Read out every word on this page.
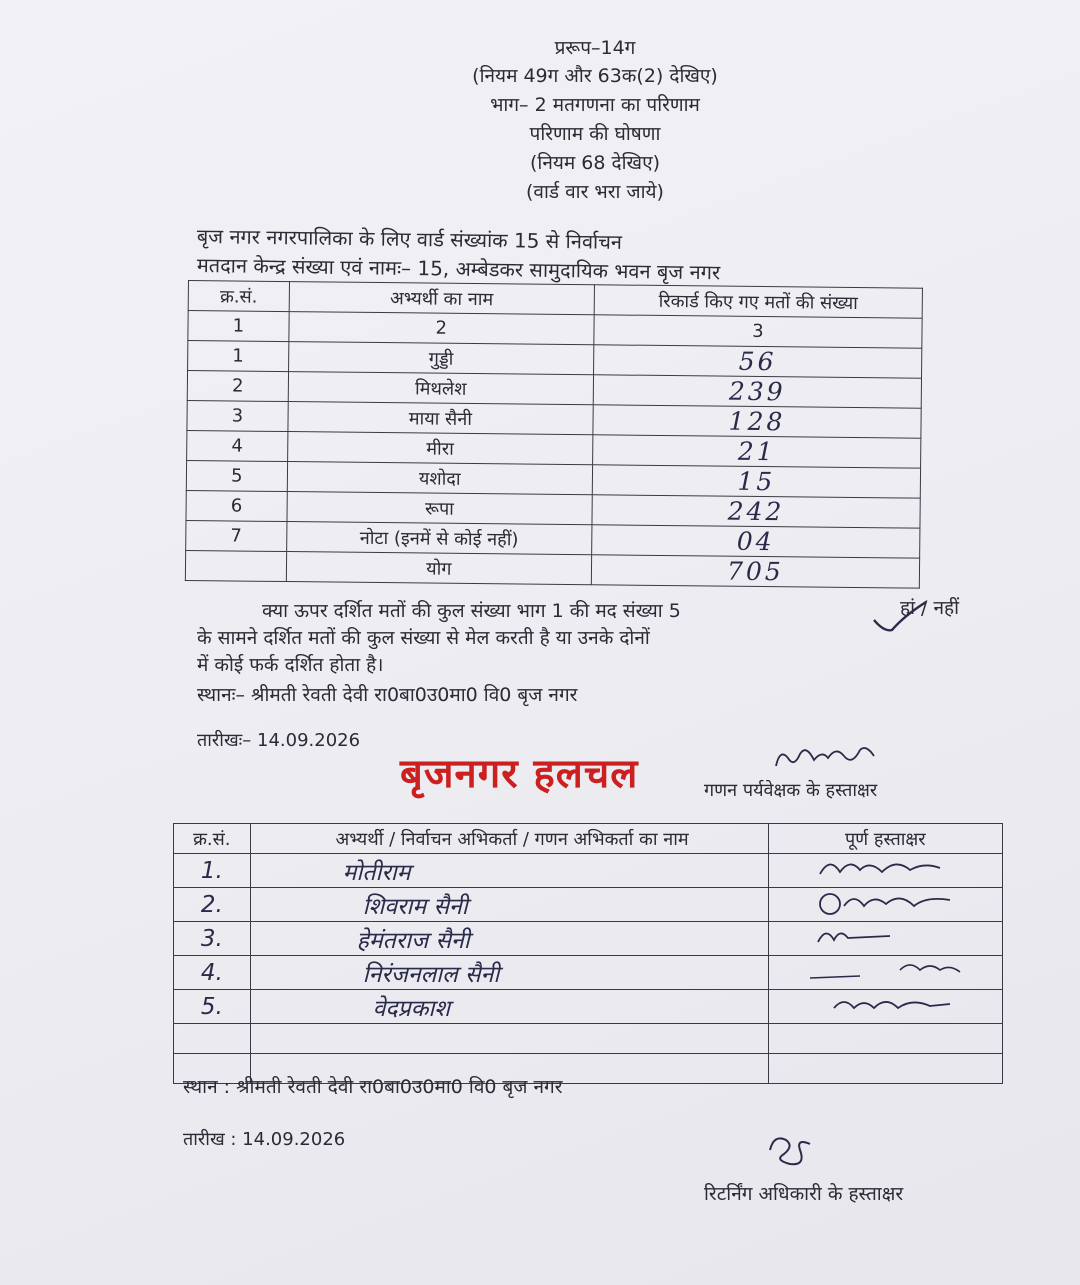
प्ररूप–14ग
(नियम 49ग और 63क(2) देखिए)
भाग– 2 मतगणना का परिणाम
परिणाम की घोषणा
(नियम 68 देखिए)
(वार्ड वार भरा जाये)
बृज नगर नगरपालिका के लिए वार्ड संख्यांक 15 से निर्वाचन
मतदान केन्द्र संख्या एवं नामः– 15, अम्बेडकर सामुदायिक भवन बृज नगर
क्र.सं.	अभ्यर्थी का नाम	रिकार्ड किए गए मतों की संख्या
1	2	3
1	गुड्डी	56
2	मिथलेश	239
3	माया सैनी	128
4	मीरा	21
5	यशोदा	15
6	रूपा	242
7	नोटा (इनमें से कोई नहीं)	04
	योग	705
क्या ऊपर दर्शित मतों की कुल संख्या भाग 1 की मद संख्या 5
के सामने दर्शित मतों की कुल संख्या से मेल करती है या उनके दोनों
में कोई फर्क दर्शित होता है।
हां / नहीं
स्थानः– श्रीमती रेवती देवी रा0बा0उ0मा0 वि0 बृज नगर
तारीखः– 14.09.2026
बृजनगर हलचल	गणन पर्यवेक्षक के हस्ताक्षर
क्र.सं.	अभ्यर्थी / निर्वाचन अभिकर्ता / गणन अभिकर्ता का नाम	पूर्ण हस्ताक्षर
1.	मोतीराम	
2.	शिवराम सैनी	
3.	हेमंतराज सैनी	
4.	निरंजनलाल सैनी	
5.	वेदप्रकाश	

स्थान : श्रीमती रेवती देवी रा0बा0उ0मा0 वि0 बृज नगर
तारीख : 14.09.2026
रिटर्निंग अधिकारी के हस्ताक्षर
